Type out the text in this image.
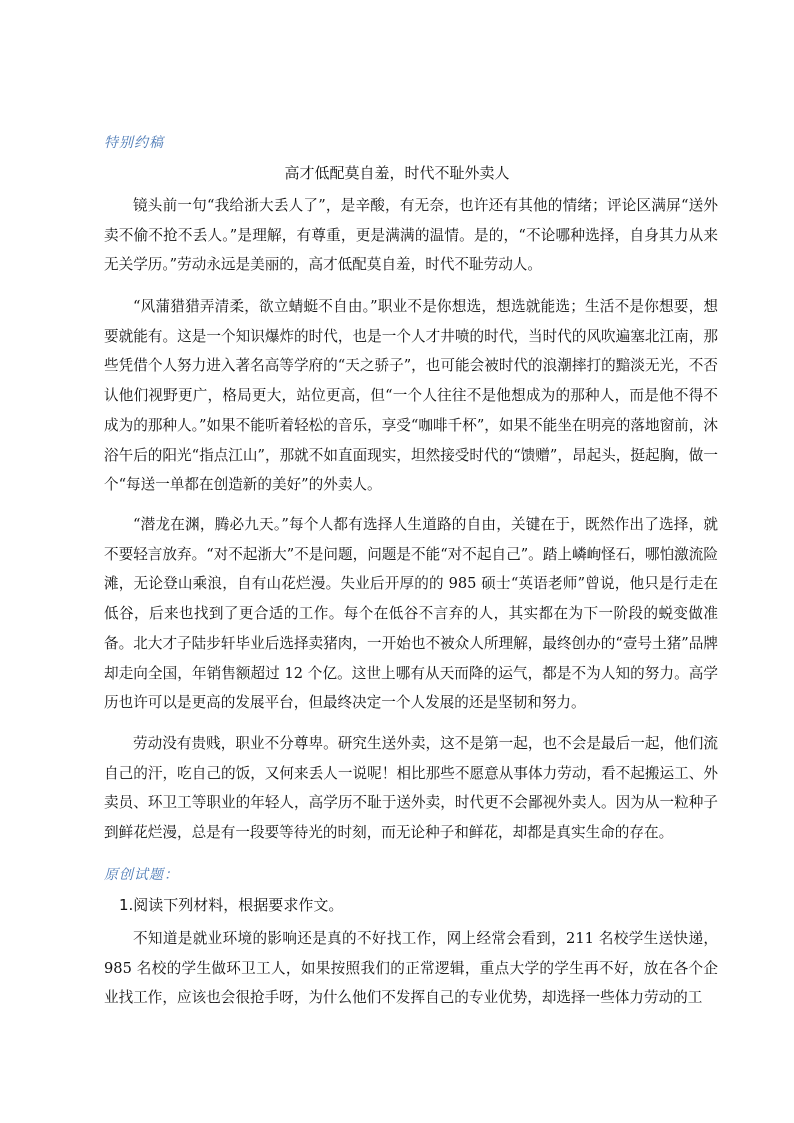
特别约稿
高才低配莫自羞，时代不耻外卖人

镜头前一句“我给浙大丢人了”，是辛酸，有无奈，也许还有其他的情绪；评论区满屏“送外卖不偷不抢不丢人。”是理解，有尊重，更是满满的温情。是的，“不论哪种选择，自身其力从来无关学历。”劳动永远是美丽的，高才低配莫自羞，时代不耻劳动人。

“风蒲猎猎弄清柔，欲立蜻蜓不自由。”职业不是你想选，想选就能选；生活不是你想要，想要就能有。这是一个知识爆炸的时代，也是一个人才井喷的时代，当时代的风吹遍塞北江南，那些凭借个人努力进入著名高等学府的“天之骄子”，也可能会被时代的浪潮摔打的黯淡无光，不否认他们视野更广，格局更大，站位更高，但“一个人往往不是他想成为的那种人，而是他不得不成为的那种人。”如果不能听着轻松的音乐，享受“咖啡千杯”，如果不能坐在明亮的落地窗前，沐浴午后的阳光“指点江山”，那就不如直面现实，坦然接受时代的“馈赠”，昂起头，挺起胸，做一个“每送一单都在创造新的美好”的外卖人。

“潜龙在渊，腾必九天。”每个人都有选择人生道路的自由，关键在于，既然作出了选择，就不要轻言放弃。“对不起浙大”不是问题，问题是不能“对不起自己”。踏上嶙峋怪石，哪怕激流险滩，无论登山乘浪，自有山花烂漫。失业后开厚的的 985 硕士“英语老师”曾说，他只是行走在低谷，后来也找到了更合适的工作。每个在低谷不言弃的人，其实都在为下一阶段的蜕变做准备。北大才子陆步轩毕业后选择卖猪肉，一开始也不被众人所理解，最终创办的“壹号土猪”品牌却走向全国，年销售额超过 12 个亿。这世上哪有从天而降的运气，都是不为人知的努力。高学历也许可以是更高的发展平台，但最终决定一个人发展的还是坚韧和努力。

劳动没有贵贱，职业不分尊卑。研究生送外卖，这不是第一起，也不会是最后一起，他们流自己的汗，吃自己的饭，又何来丢人一说呢！相比那些不愿意从事体力劳动，看不起搬运工、外卖员、环卫工等职业的年轻人，高学历不耻于送外卖，时代更不会鄙视外卖人。因为从一粒种子到鲜花烂漫，总是有一段要等待光的时刻，而无论种子和鲜花，却都是真实生命的存在。

原创试题：
1.阅读下列材料，根据要求作文。

不知道是就业环境的影响还是真的不好找工作，网上经常会看到，211 名校学生送快递，985 名校的学生做环卫工人，如果按照我们的正常逻辑，重点大学的学生再不好，放在各个企业找工作，应该也会很抢手呀，为什么他们不发挥自己的专业优势，却选择一些体力劳动的工
